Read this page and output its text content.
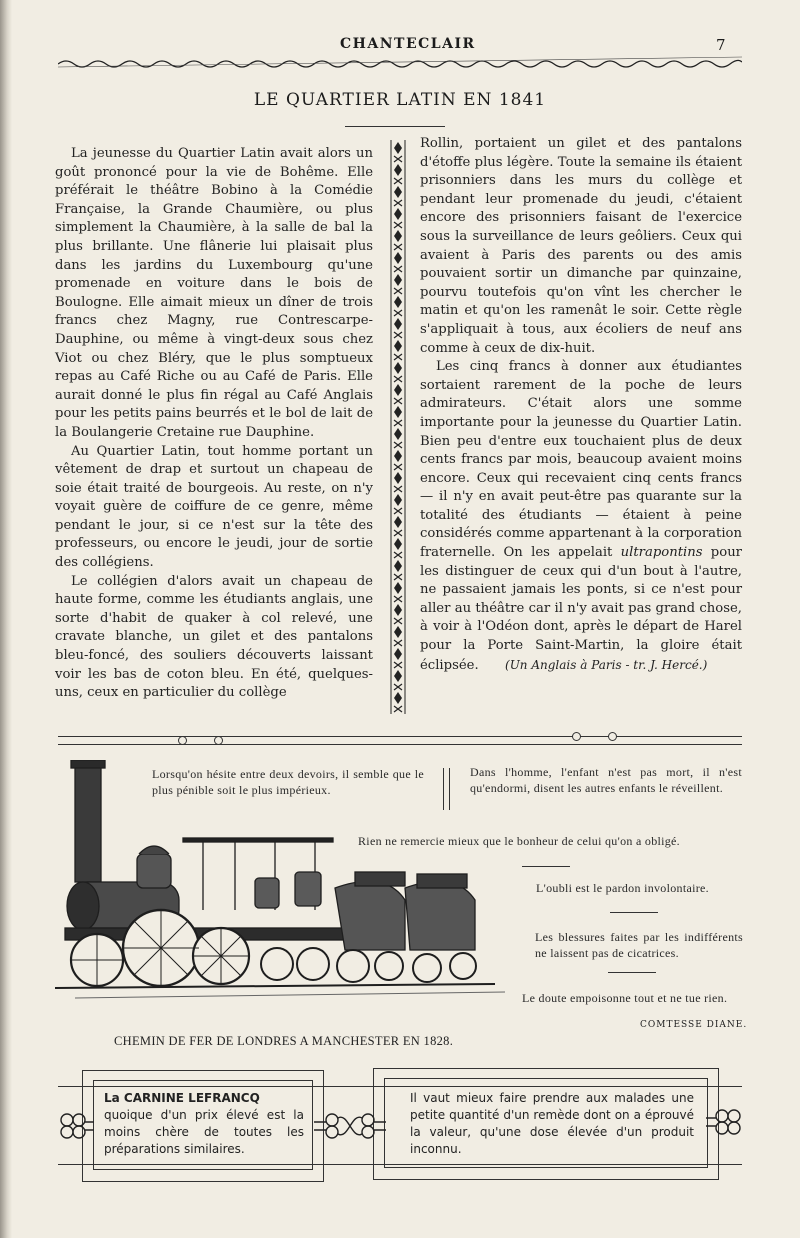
CHANTECLAIR	7
LE QUARTIER LATIN EN 1841

La jeunesse du Quartier Latin avait alors un goût prononcé pour la vie de Bohême. Elle préférait le théâtre Bobino à la Comédie Française, la Grande Chaumière, ou plus simplement la Chaumière, à la salle de bal la plus brillante. Une flânerie lui plaisait plus dans les jardins du Luxembourg qu'une promenade en voiture dans le bois de Boulogne. Elle aimait mieux un dîner de trois francs chez Magny, rue Contrescarpe-Dauphine, ou même à vingt-deux sous chez Viot ou chez Bléry, que le plus somptueux repas au Café Riche ou au Café de Paris. Elle aurait donné le plus fin régal au Café Anglais pour les petits pains beurrés et le bol de lait de la Boulangerie Cretaine rue Dauphine.

Au Quartier Latin, tout homme portant un vêtement de drap et surtout un chapeau de soie était traité de bourgeois. Au reste, on n'y voyait guère de coiffure de ce genre, même pendant le jour, si ce n'est sur la tête des professeurs, ou encore le jeudi, jour de sortie des collégiens.

Le collégien d'alors avait un chapeau de haute forme, comme les étudiants anglais, une sorte d'habit de quaker à col relevé, une cravate blanche, un gilet et des pantalons bleu-foncé, des souliers découverts laissant voir les bas de coton bleu. En été, quelques-uns, ceux en particulier du collège

Rollin, portaient un gilet et des pantalons d'étoffe plus légère. Toute la semaine ils étaient prisonniers dans les murs du collège et pendant leur promenade du jeudi, c'étaient encore des prisonniers faisant de l'exercice sous la surveillance de leurs geôliers. Ceux qui avaient à Paris des parents ou des amis pouvaient sortir un dimanche par quinzaine, pourvu toutefois qu'on vînt les chercher le matin et qu'on les ramenât le soir. Cette règle s'appliquait à tous, aux écoliers de neuf ans comme à ceux de dix-huit.

Les cinq francs à donner aux étudiantes sortaient rarement de la poche de leurs admirateurs. C'était alors une somme importante pour la jeunesse du Quartier Latin. Bien peu d'entre eux touchaient plus de deux cents francs par mois, beaucoup avaient moins encore. Ceux qui recevaient cinq cents francs — il n'y en avait peut-être pas quarante sur la totalité des étudiants — étaient à peine considérés comme appartenant à la corporation fraternelle. On les appelait ultrapontins pour les distinguer de ceux qui d'un bout à l'autre, ne passaient jamais les ponts, si ce n'est pour aller au théâtre car il n'y avait pas grand chose, à voir à l'Odéon dont, après le départ de Harel pour la Porte Saint-Martin, la gloire était éclipsée.   (Un Anglais à Paris - tr. J. Hercé.)

Lorsqu'on hésite entre deux devoirs, il semble que le plus pénible soit le plus impérieux.
Dans l'homme, l'enfant n'est pas mort, il n'est qu'endormi, disent les autres enfants le réveillent.
Rien ne remercie mieux que le bonheur de celui qu'on a obligé.
L'oubli est le pardon involontaire.
Les blessures faites par les indifférents ne laissent pas de cicatrices.
Le doute empoisonne tout et ne tue rien.
COMTESSE DIANE.
CHEMIN DE FER DE LONDRES A MANCHESTER EN 1828.
La CARNINE LEFRANCQ
quoique d'un prix élevé est la moins chère de toutes les préparations similaires.
Il vaut mieux faire prendre aux malades une petite quantité d'un remède dont on a éprouvé la valeur, qu'une dose élevée d'un produit inconnu.
